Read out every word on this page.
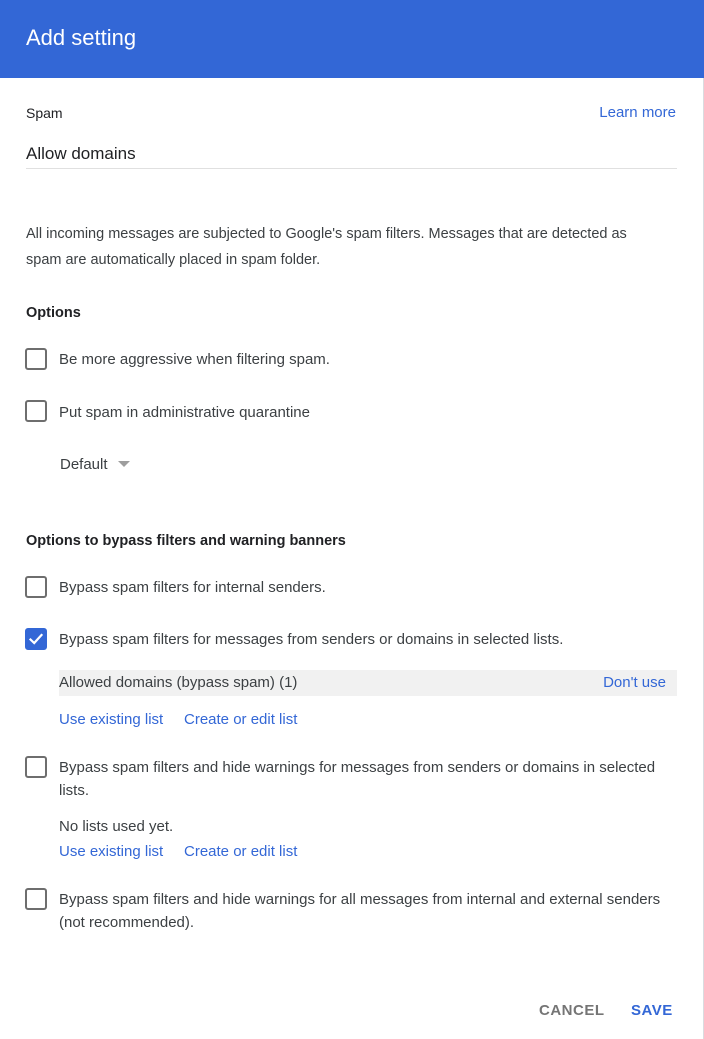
Add setting
Spam	Learn more
Allow domains
All incoming messages are subjected to Google's spam filters. Messages that are detected as
spam are automatically placed in spam folder.
Options
Be more aggressive when filtering spam.
Put spam in administrative quarantine
Default
Options to bypass filters and warning banners
Bypass spam filters for internal senders.
Bypass spam filters for messages from senders or domains in selected lists.
Allowed domains (bypass spam) (1)	Don't use
Use existing list Create or edit list
Bypass spam filters and hide warnings for messages from senders or domains in selected
lists.
No lists used yet.
Use existing list Create or edit list
Bypass spam filters and hide warnings for all messages from internal and external senders
(not recommended).
CANCEL SAVE
